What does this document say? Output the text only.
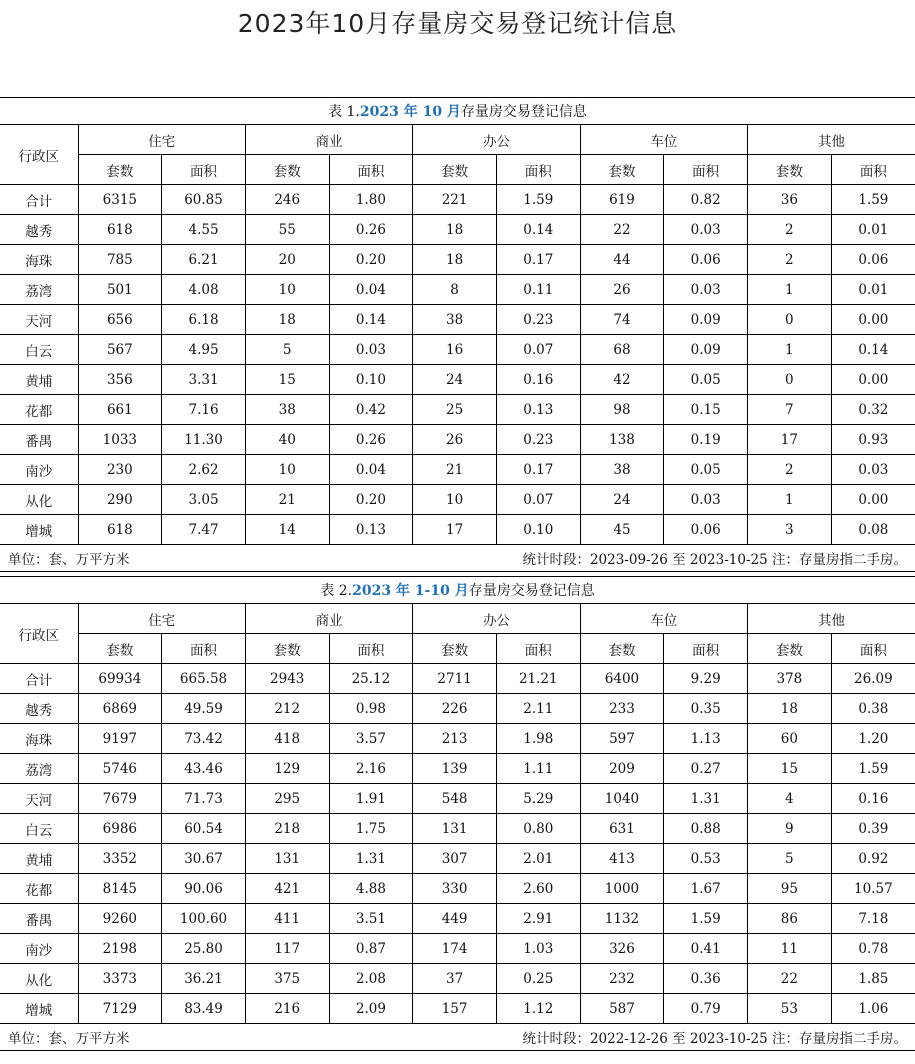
2023年10月存量房交易登记统计信息
表 1.2023 年 10 月存量房交易登记信息										
行政区	住宅		商业		办公		车位		其他	
	套数	面积	套数	面积	套数	面积	套数	面积	套数	面积
合计	6315	60.85	246	1.80	221	1.59	619	0.82	36	1.59
越秀	618	4.55	55	0.26	18	0.14	22	0.03	2	0.01
海珠	785	6.21	20	0.20	18	0.17	44	0.06	2	0.06
荔湾	501	4.08	10	0.04	8	0.11	26	0.03	1	0.01
天河	656	6.18	18	0.14	38	0.23	74	0.09	0	0.00
白云	567	4.95	5	0.03	16	0.07	68	0.09	1	0.14
黄埔	356	3.31	15	0.10	24	0.16	42	0.05	0	0.00
花都	661	7.16	38	0.42	25	0.13	98	0.15	7	0.32
番禺	1033	11.30	40	0.26	26	0.23	138	0.19	17	0.93
南沙	230	2.62	10	0.04	21	0.17	38	0.05	2	0.03
从化	290	3.05	21	0.20	10	0.07	24	0.03	1	0.00
增城	618	7.47	14	0.13	17	0.10	45	0.06	3	0.08

单位：套、万平方米 统计时段：2023-09-26 至 2023-10-25 注：存量房指二手房。										
表 2.2023 年 1-10 月存量房交易登记信息										
行政区	住宅		商业		办公		车位		其他	
	套数	面积	套数	面积	套数	面积	套数	面积	套数	面积
合计	69934	665.58	2943	25.12	2711	21.21	6400	9.29	378	26.09
越秀	6869	49.59	212	0.98	226	2.11	233	0.35	18	0.38
海珠	9197	73.42	418	3.57	213	1.98	597	1.13	60	1.20
荔湾	5746	43.46	129	2.16	139	1.11	209	0.27	15	1.59
天河	7679	71.73	295	1.91	548	5.29	1040	1.31	4	0.16
白云	6986	60.54	218	1.75	131	0.80	631	0.88	9	0.39
黄埔	3352	30.67	131	1.31	307	2.01	413	0.53	5	0.92
花都	8145	90.06	421	4.88	330	2.60	1000	1.67	95	10.57
番禺	9260	100.60	411	3.51	449	2.91	1132	1.59	86	7.18
南沙	2198	25.80	117	0.87	174	1.03	326	0.41	11	0.78
从化	3373	36.21	375	2.08	37	0.25	232	0.36	22	1.85
增城	7129	83.49	216	2.09	157	1.12	587	0.79	53	1.06

单位：套、万平方米 统计时段：2022-12-26 至 2023-10-25 注：存量房指二手房。										
